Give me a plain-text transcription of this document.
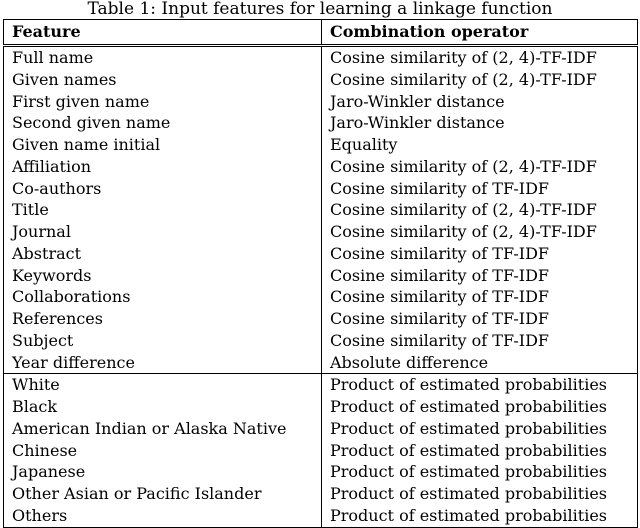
Table 1: Input features for learning a linkage function
Feature	Combination operator
Full name	Cosine similarity of (2, 4)-TF-IDF
Given names	Cosine similarity of (2, 4)-TF-IDF
First given name	Jaro-Winkler distance
Second given name	Jaro-Winkler distance
Given name initial	Equality
Affiliation	Cosine similarity of (2, 4)-TF-IDF
Co-authors	Cosine similarity of TF-IDF
Title	Cosine similarity of (2, 4)-TF-IDF
Journal	Cosine similarity of (2, 4)-TF-IDF
Abstract	Cosine similarity of TF-IDF
Keywords	Cosine similarity of TF-IDF
Collaborations	Cosine similarity of TF-IDF
References	Cosine similarity of TF-IDF
Subject	Cosine similarity of TF-IDF
Year difference	Absolute difference
White	Product of estimated probabilities
Black	Product of estimated probabilities
American Indian or Alaska Native	Product of estimated probabilities
Chinese	Product of estimated probabilities
Japanese	Product of estimated probabilities
Other Asian or Pacific Islander	Product of estimated probabilities
Others	Product of estimated probabilities
